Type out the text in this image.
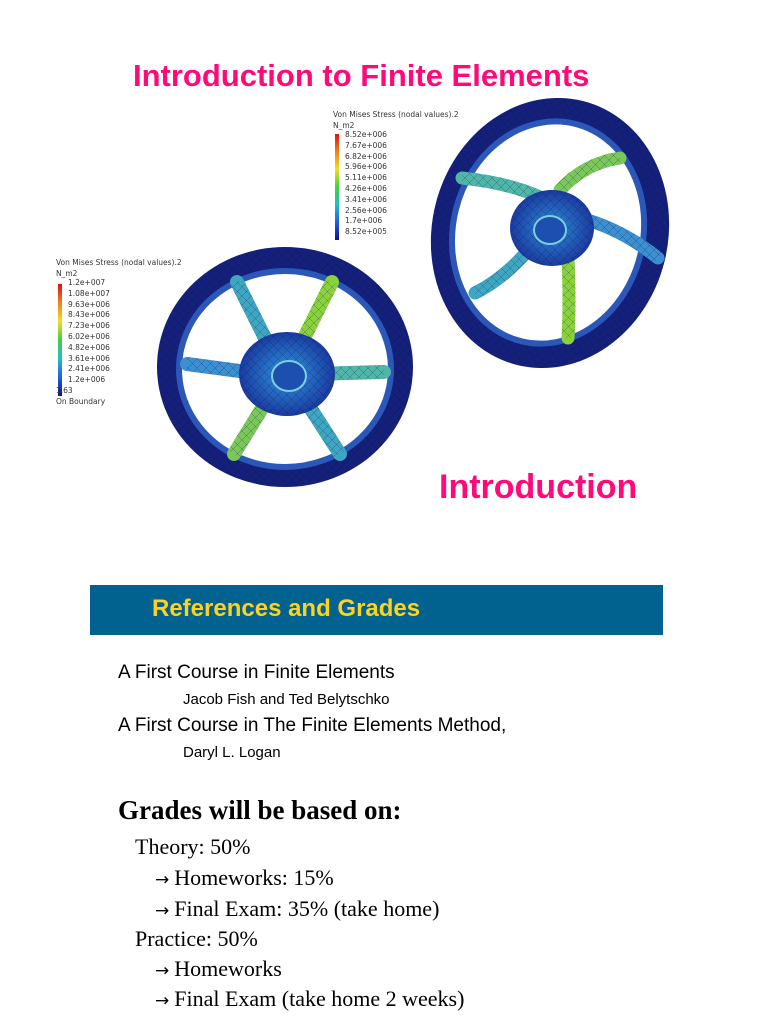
Introduction to Finite Elements
Von Mises Stress (nodal values).2
N_m2
8.52e+006
7.67e+006
6.82e+006
5.96e+006
5.11e+006
4.26e+006
3.41e+006
2.56e+006
1.7e+006
8.52e+005
Von Mises Stress (nodal values).2
N_m2
1.2e+007
1.08e+007
9.63e+006
8.43e+006
7.23e+006
6.02e+006
4.82e+006
3.61e+006
2.41e+006
1.2e+006
1.63
On Boundary
Introduction
References and Grades
A First Course in Finite Elements
Jacob Fish and Ted Belytschko
A First Course in The Finite Elements Method,
Daryl L. Logan
Grades will be based on:
Theory: 50%
→ Homeworks: 15%
→ Final Exam: 35% (take home)
Practice: 50%
→ Homeworks
→ Final Exam (take home 2 weeks)
